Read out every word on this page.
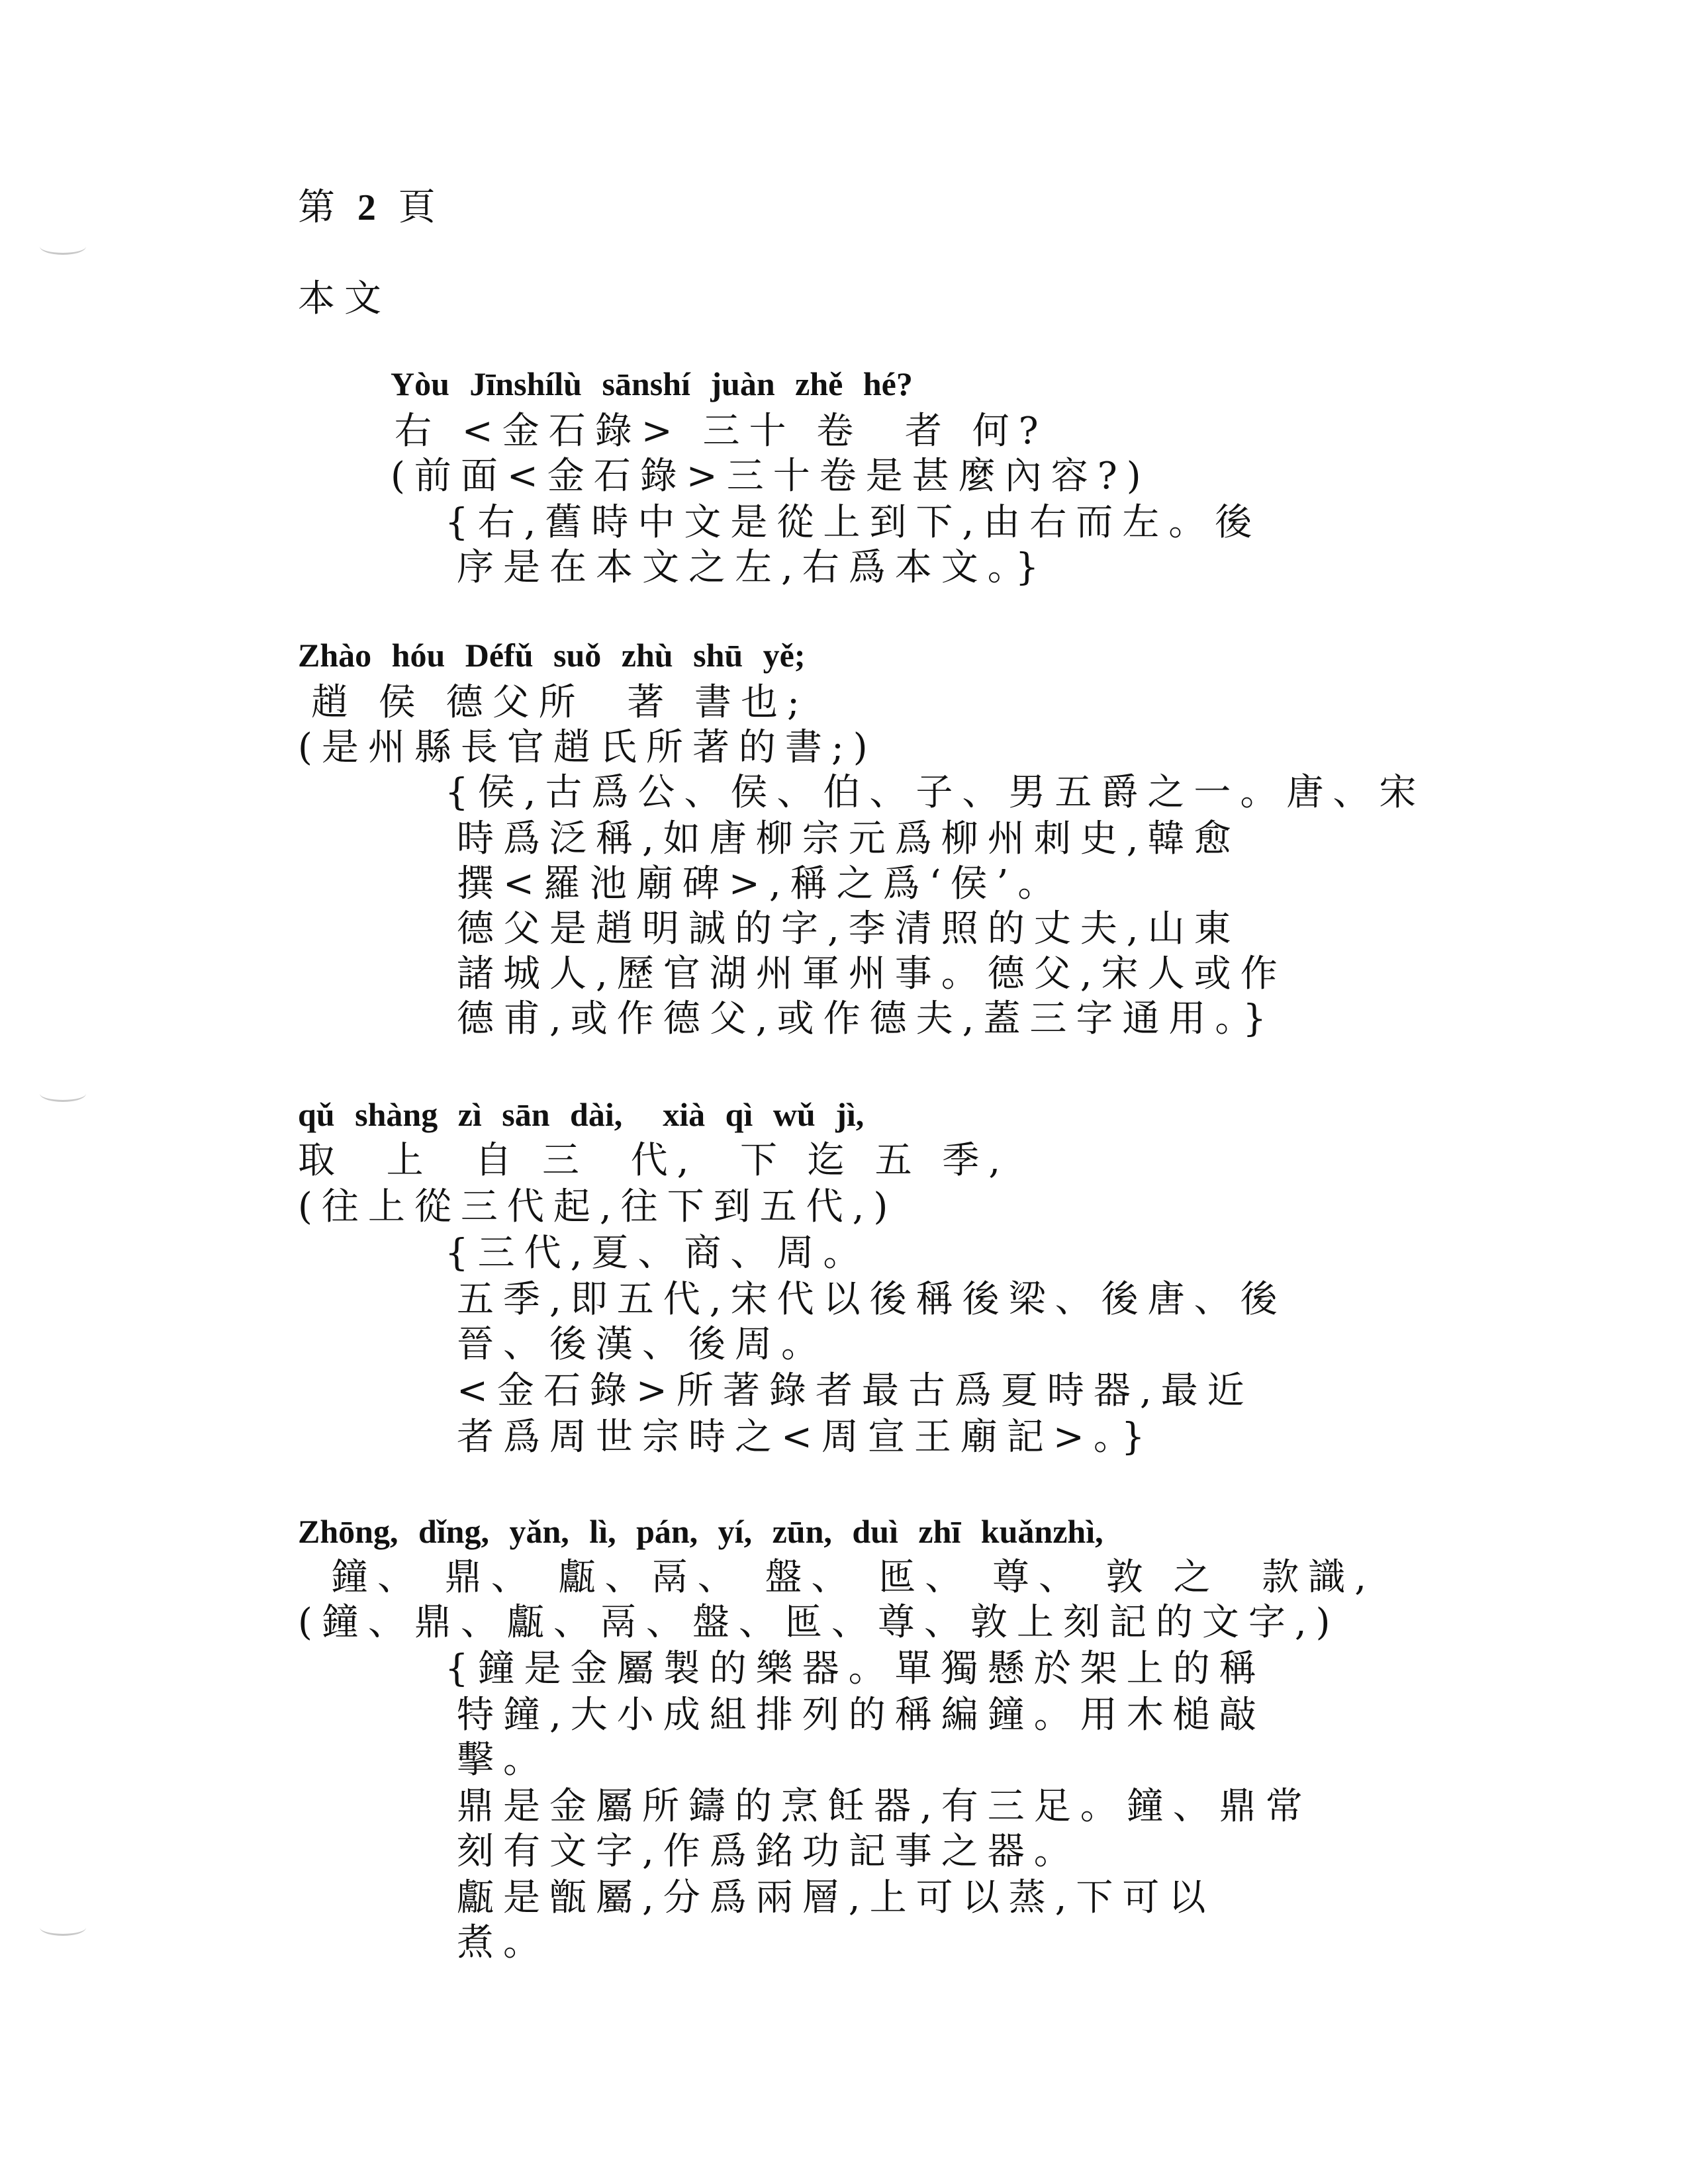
第 2 頁
本文
Yòu Jīnshílù sānshí juàn zhě hé?
右 <金石錄> 三十 卷  者 何?
(前面<金石錄>三十卷是甚麼內容?)
{右,舊時中文是從上到下,由右而左。後
序是在本文之左,右爲本文。}
Zhào hóu Défǔ suǒ zhù shū yě;
趙 侯 德父所  著 書也;
(是州縣長官趙氏所著的書;)
{侯,古爲公、侯、伯、子、男五爵之一。唐、宋
時爲泛稱,如唐柳宗元爲柳州刺史,韓愈
撰<羅池廟碑>,稱之爲‘侯’。
德父是趙明誠的字,李清照的丈夫,山東
諸城人,歷官湖州軍州事。德父,宋人或作
德甫,或作德父,或作德夫,蓋三字通用。}
qǔ shàng zì sān dài,  xià qì wǔ jì,
取  上  自 三  代,  下 迄 五 季,
(往上從三代起,往下到五代,)
{三代,夏、商、周。
五季,即五代,宋代以後稱後梁、後唐、後
晉、後漢、後周。
<金石錄>所著錄者最古爲夏時器,最近
者爲周世宗時之<周宣王廟記>。}
Zhōng, dǐng, yǎn, lì, pán, yí, zūn, duì zhī kuǎnzhì,
鐘、 鼎、 甗、鬲、 盤、 匜、 尊、 敦 之  款識,
(鐘、鼎、甗、鬲、盤、匜、尊、敦上刻記的文字,)
{鐘是金屬製的樂器。單獨懸於架上的稱
特鐘,大小成組排列的稱編鐘。用木槌敲
擊。
鼎是金屬所鑄的烹飪器,有三足。鐘、鼎常
刻有文字,作爲銘功記事之器。
甗是甑屬,分爲兩層,上可以蒸,下可以
煮。
